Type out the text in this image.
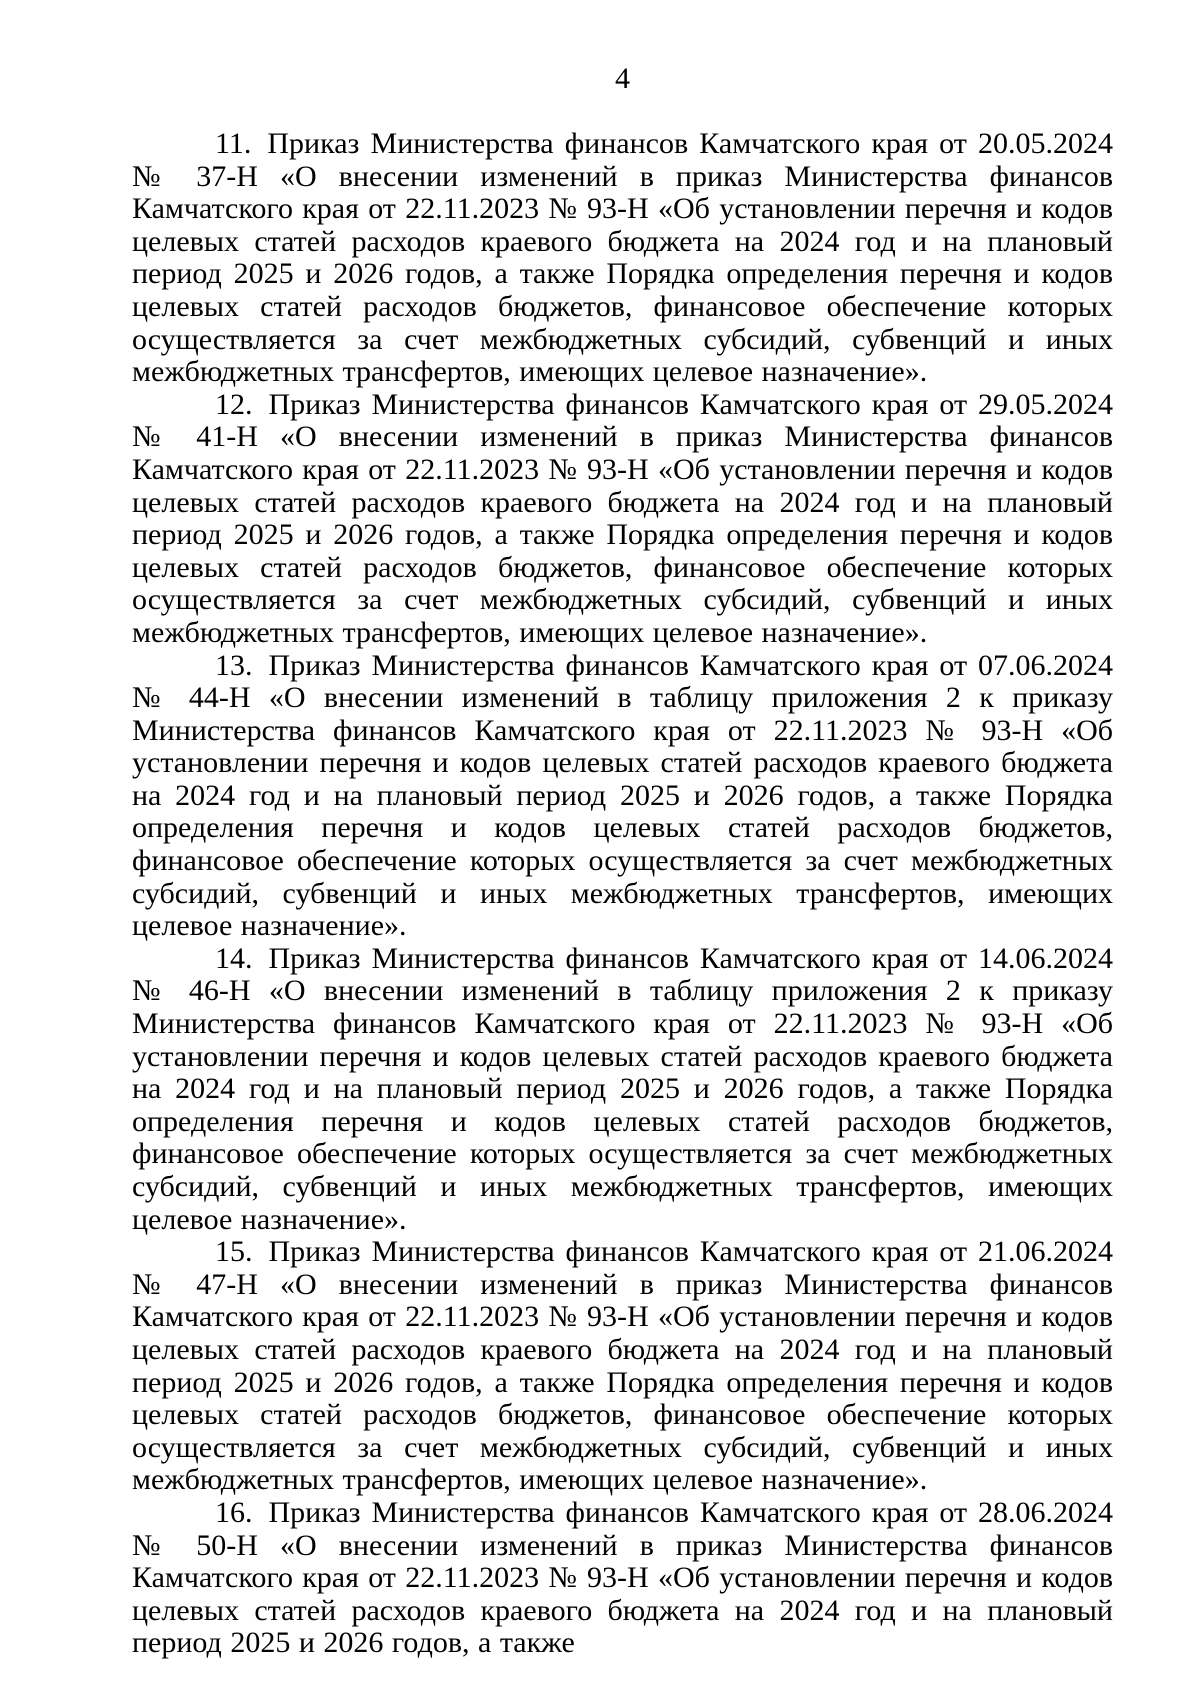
4

11. Приказ Министерства финансов Камчатского края от 20.05.2024 № 37-Н «О внесении изменений в приказ Министерства финансов Камчатского края от 22.11.2023 № 93-Н «Об установлении перечня и кодов целевых статей расходов краевого бюджета на 2024 год и на плановый период 2025 и 2026 годов, а также Порядка определения перечня и кодов целевых статей расходов бюджетов, финансовое обеспечение которых осуществляется за счет межбюджетных субсидий, субвенций и иных межбюджетных трансфертов, имеющих целевое назначение».

12. Приказ Министерства финансов Камчатского края от 29.05.2024 № 41-Н «О внесении изменений в приказ Министерства финансов Камчатского края от 22.11.2023 № 93-Н «Об установлении перечня и кодов целевых статей расходов краевого бюджета на 2024 год и на плановый период 2025 и 2026 годов, а также Порядка определения перечня и кодов целевых статей расходов бюджетов, финансовое обеспечение которых осуществляется за счет межбюджетных субсидий, субвенций и иных межбюджетных трансфертов, имеющих целевое назначение».

13. Приказ Министерства финансов Камчатского края от 07.06.2024 № 44-Н «О внесении изменений в таблицу приложения 2 к приказу Министерства финансов Камчатского края от 22.11.2023 № 93-Н «Об установлении перечня и кодов целевых статей расходов краевого бюджета на 2024 год и на плановый период 2025 и 2026 годов, а также Порядка определения перечня и кодов целевых статей расходов бюджетов, финансовое обеспечение которых осуществляется за счет межбюджетных субсидий, субвенций и иных межбюджетных трансфертов, имеющих целевое назначение».

14. Приказ Министерства финансов Камчатского края от 14.06.2024 № 46-Н «О внесении изменений в таблицу приложения 2 к приказу Министерства финансов Камчатского края от 22.11.2023 № 93-Н «Об установлении перечня и кодов целевых статей расходов краевого бюджета на 2024 год и на плановый период 2025 и 2026 годов, а также Порядка определения перечня и кодов целевых статей расходов бюджетов, финансовое обеспечение которых осуществляется за счет межбюджетных субсидий, субвенций и иных межбюджетных трансфертов, имеющих целевое назначение».

15. Приказ Министерства финансов Камчатского края от 21.06.2024 № 47-Н «О внесении изменений в приказ Министерства финансов Камчатского края от 22.11.2023 № 93-Н «Об установлении перечня и кодов целевых статей расходов краевого бюджета на 2024 год и на плановый период 2025 и 2026 годов, а также Порядка определения перечня и кодов целевых статей расходов бюджетов, финансовое обеспечение которых осуществляется за счет межбюджетных субсидий, субвенций и иных межбюджетных трансфертов, имеющих целевое назначение».

16. Приказ Министерства финансов Камчатского края от 28.06.2024 № 50-Н «О внесении изменений в приказ Министерства финансов Камчатского края от 22.11.2023 № 93-Н «Об установлении перечня и кодов целевых статей расходов краевого бюджета на 2024 год и на плановый период 2025 и 2026 годов, а также
